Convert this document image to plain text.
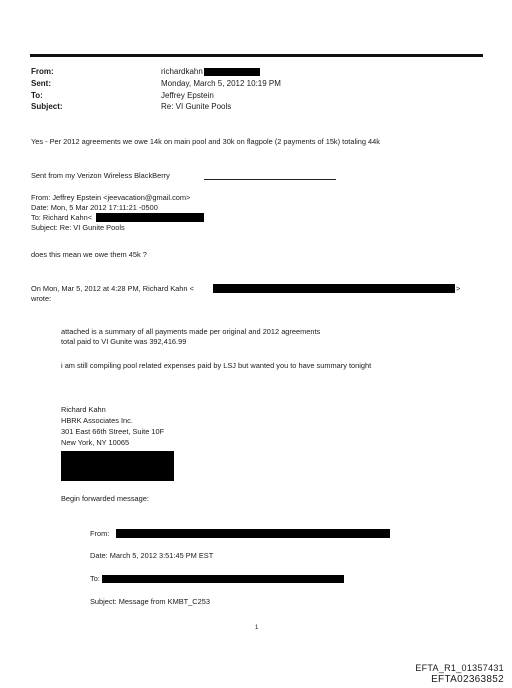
From:	richardkahn
Sent:	Monday, March 5, 2012 10:19 PM
To:	Jeffrey Epstein
Subject:	Re: VI Gunite Pools
Yes - Per 2012 agreements we owe 14k on main pool and 30k on flagpole (2 payments of 15k) totaling 44k
Sent from my Verizon Wireless BlackBerry
From: Jeffrey Epstein <jeevacation@gmail.com>
Date: Mon, 5 Mar 2012 17:11:21 -0500
To: Richard Kahn<
Subject: Re: VI Gunite Pools
does this mean we owe them 45k ?
On Mon, Mar 5, 2012 at 4:28 PM, Richard Kahn <	>
wrote:
attached is a summary of all payments made per original and 2012 agreements
total paid to VI Gunite was 392,416.99
i am still compiling pool related expenses paid by LSJ but wanted you to have summary tonight
Richard Kahn
HBRK Associates Inc.
301 East 66th Street, Suite 10F
New York, NY 10065
Begin forwarded message:
From:
Date: March 5, 2012 3:51:45 PM EST
To:
Subject: Message from KMBT_C253
1
EFTA_R1_01357431
EFTA02363852
